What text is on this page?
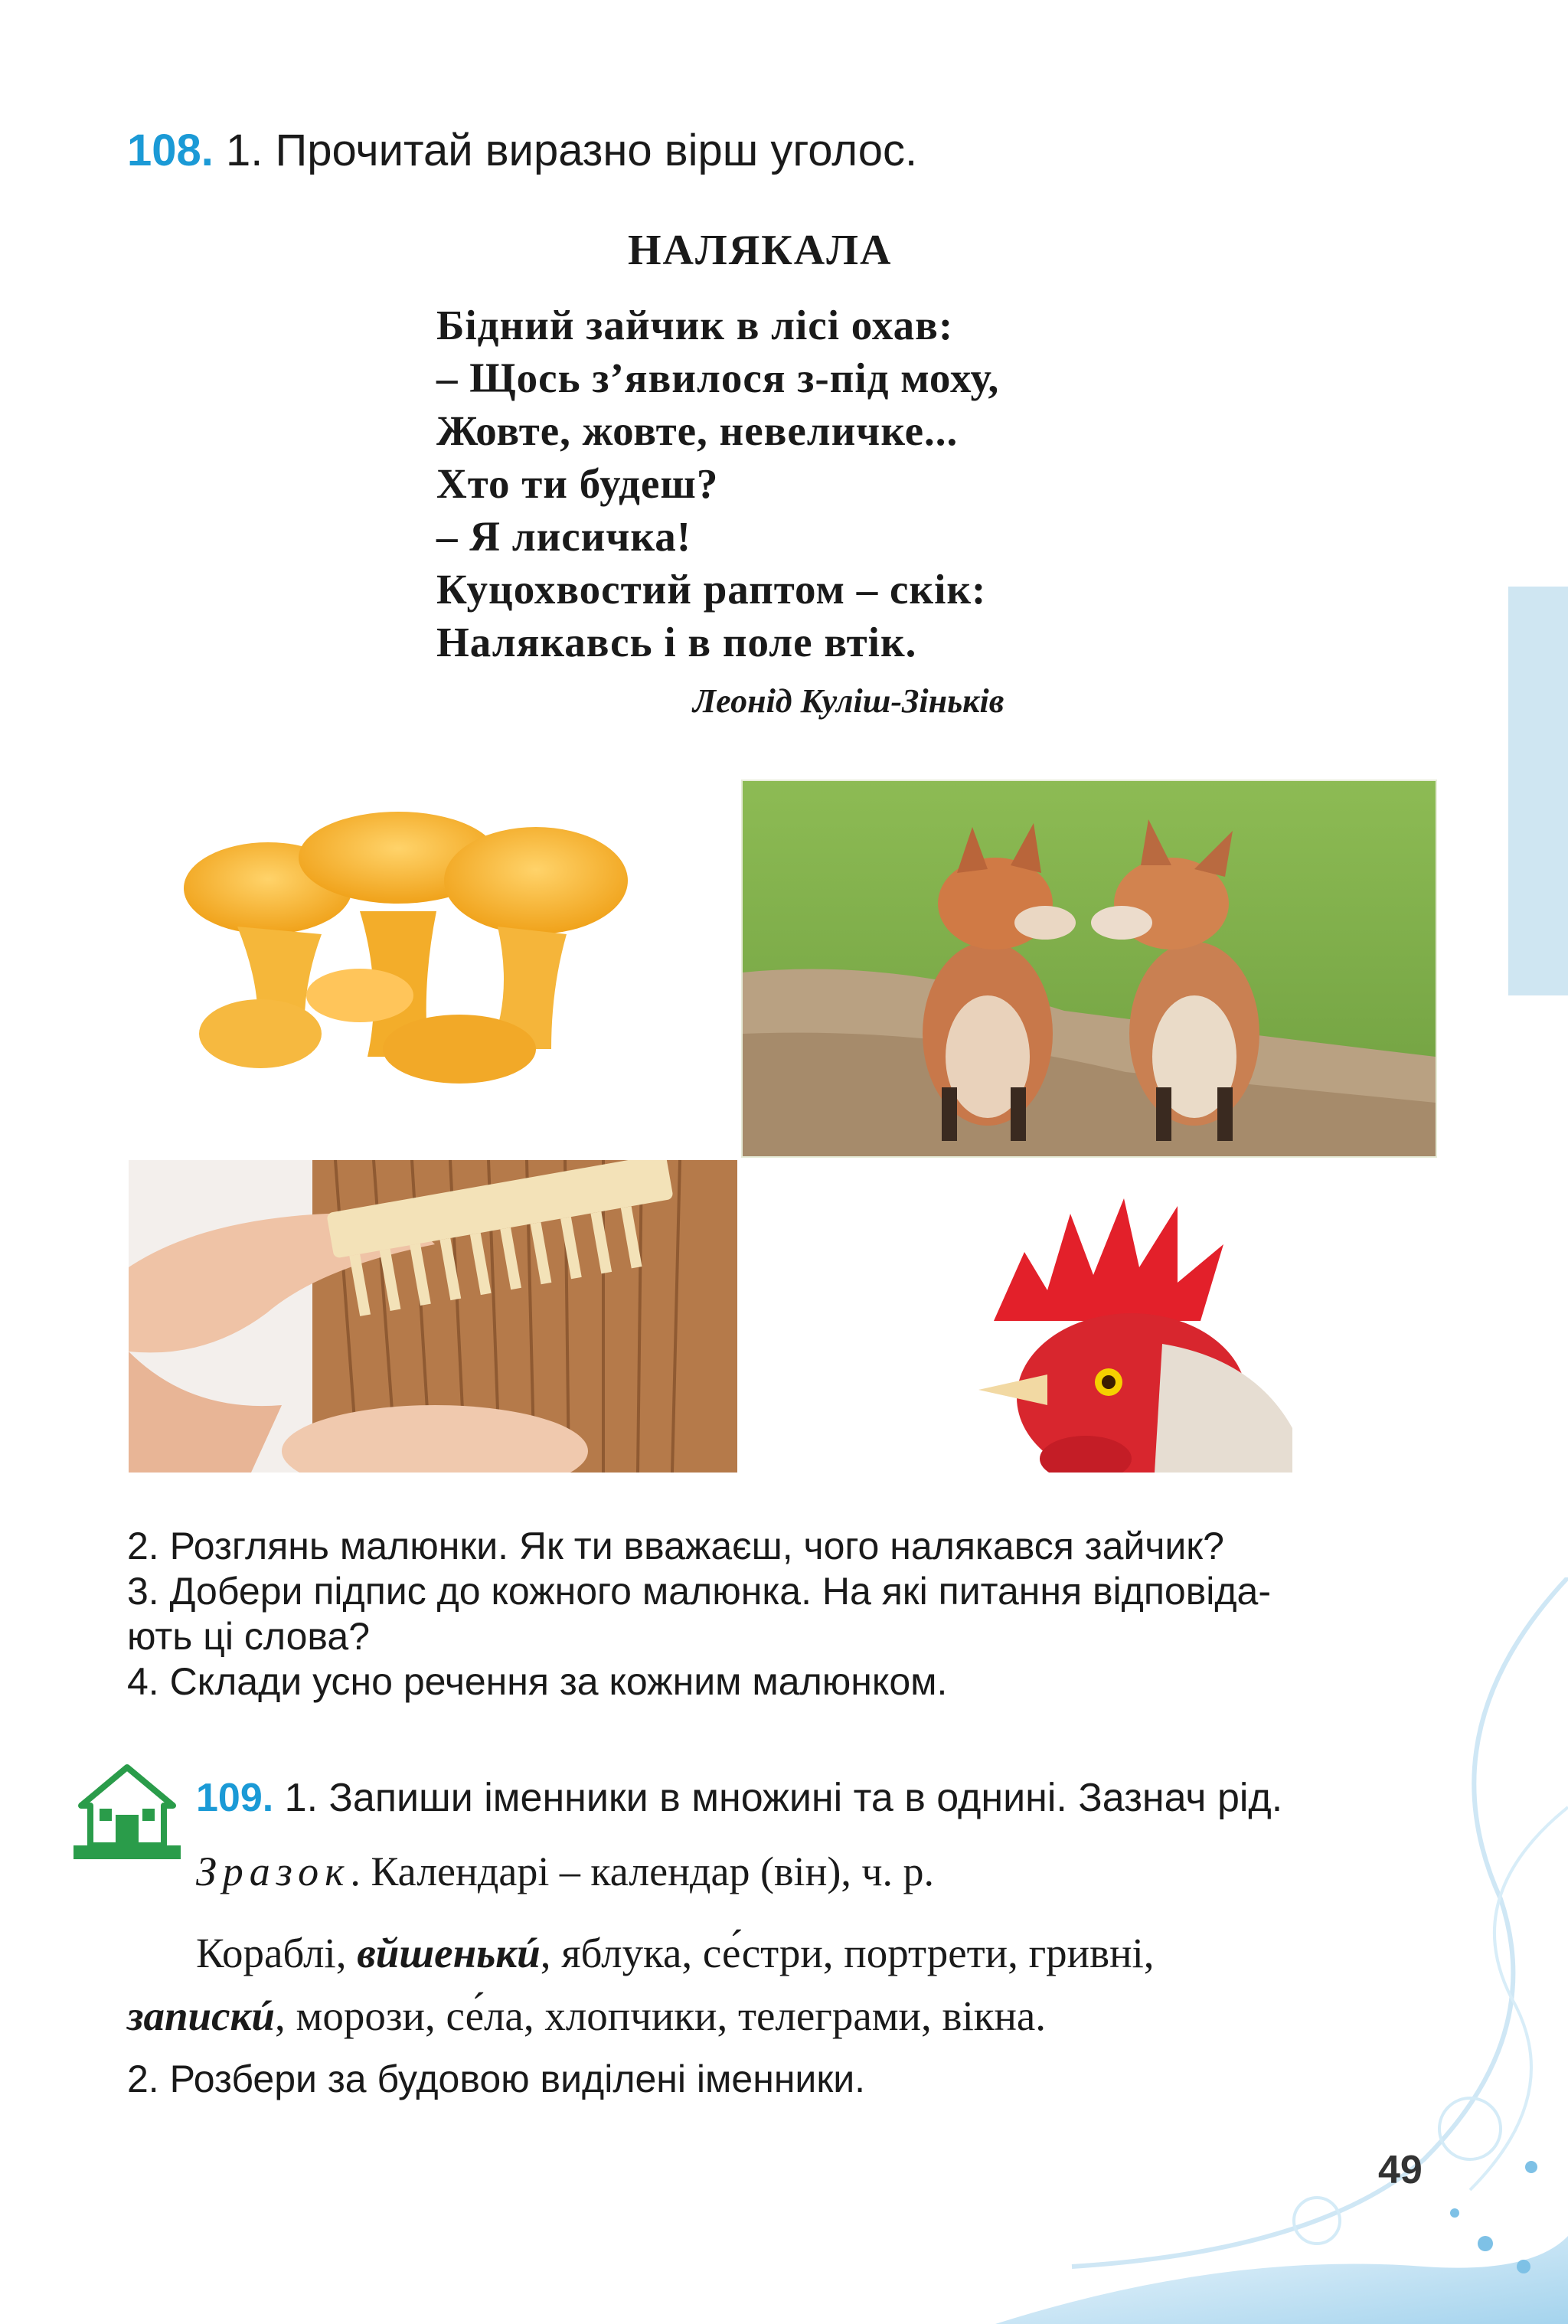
108. 1. Прочитай виразно вірш уголос.
НАЛЯКАЛА
Бідний зайчик в лісі охав:
– Щось з’явилося з-під моху,
Жовте, жовте, невеличке...
Хто ти будеш?
– Я лисичка!
Куцохвостий раптом – скік:
Налякавсь і в поле втік.
Леонід Куліш-Зіньків
2. Розглянь малюнки. Як ти вважаєш, чого налякався зайчик?
3. Добери підпис до кожного малюнка. На які питання відповіда-
ють ці слова?
4. Склади усно речення за кожним малюнком.
109. 1. Запиши іменники в множині та в однині. Зазнач рід.
Зразок. Календарі – календар (він), ч. р.
Кораблі, вйшенькú, яблука, се́стри, портрети, гривні,
запискú, морози, се́ла, хлопчики, телеграми, вікна.
2. Розбери за будовою виділені іменники.
49
